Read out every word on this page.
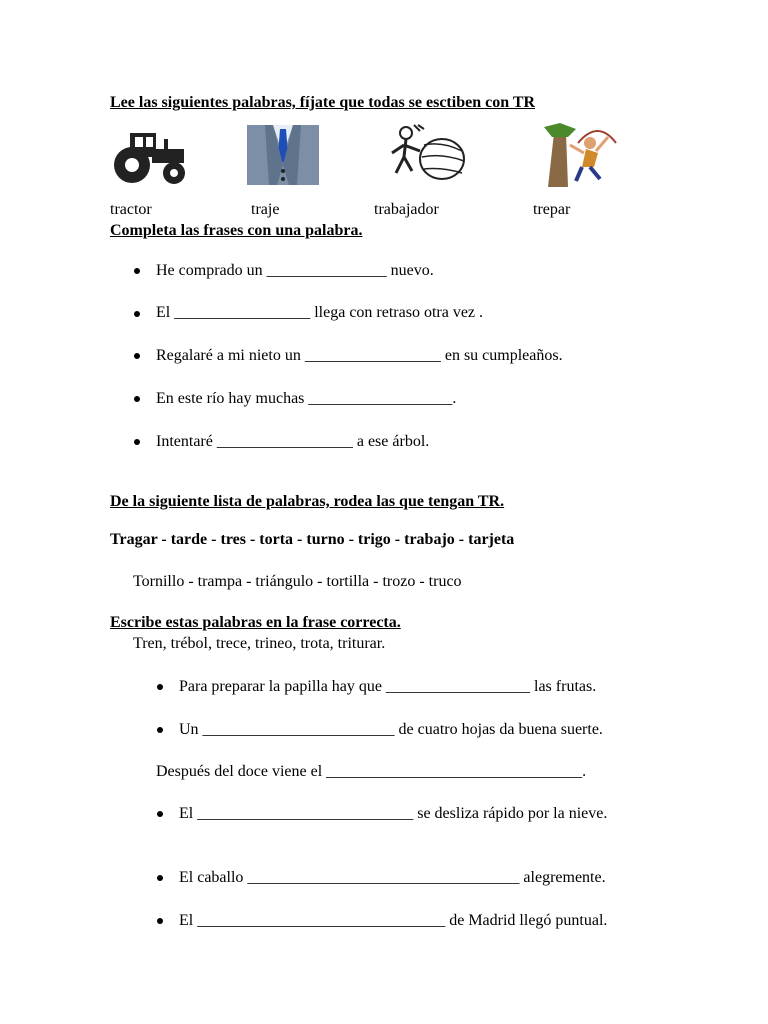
Lee las siguientes palabras, fíjate que todas se esctiben con TR
tractor	traje	trabajador	trepar
Completa las frases con una palabra.
He comprado un _______________ nuevo.
El _________________ llega con retraso otra vez .
Regalaré a mi nieto un _________________ en su cumpleaños.
En este río hay muchas __________________.
Intentaré _________________ a ese árbol.
De la siguiente lista de palabras, rodea las que tengan TR.
Tragar - tarde - tres - torta - turno - trigo - trabajo - tarjeta
Tornillo - trampa - triángulo - tortilla - trozo - truco
Escribe estas palabras en la frase correcta.
Tren, trébol, trece, trineo, trota, triturar.
Para preparar la papilla hay que __________________ las frutas.
Un ________________________ de cuatro hojas da buena suerte.
Después del doce viene el ________________________________.
El ___________________________ se desliza rápido por la nieve.
El caballo __________________________________ alegremente.
El _______________________________ de Madrid llegó puntual.
